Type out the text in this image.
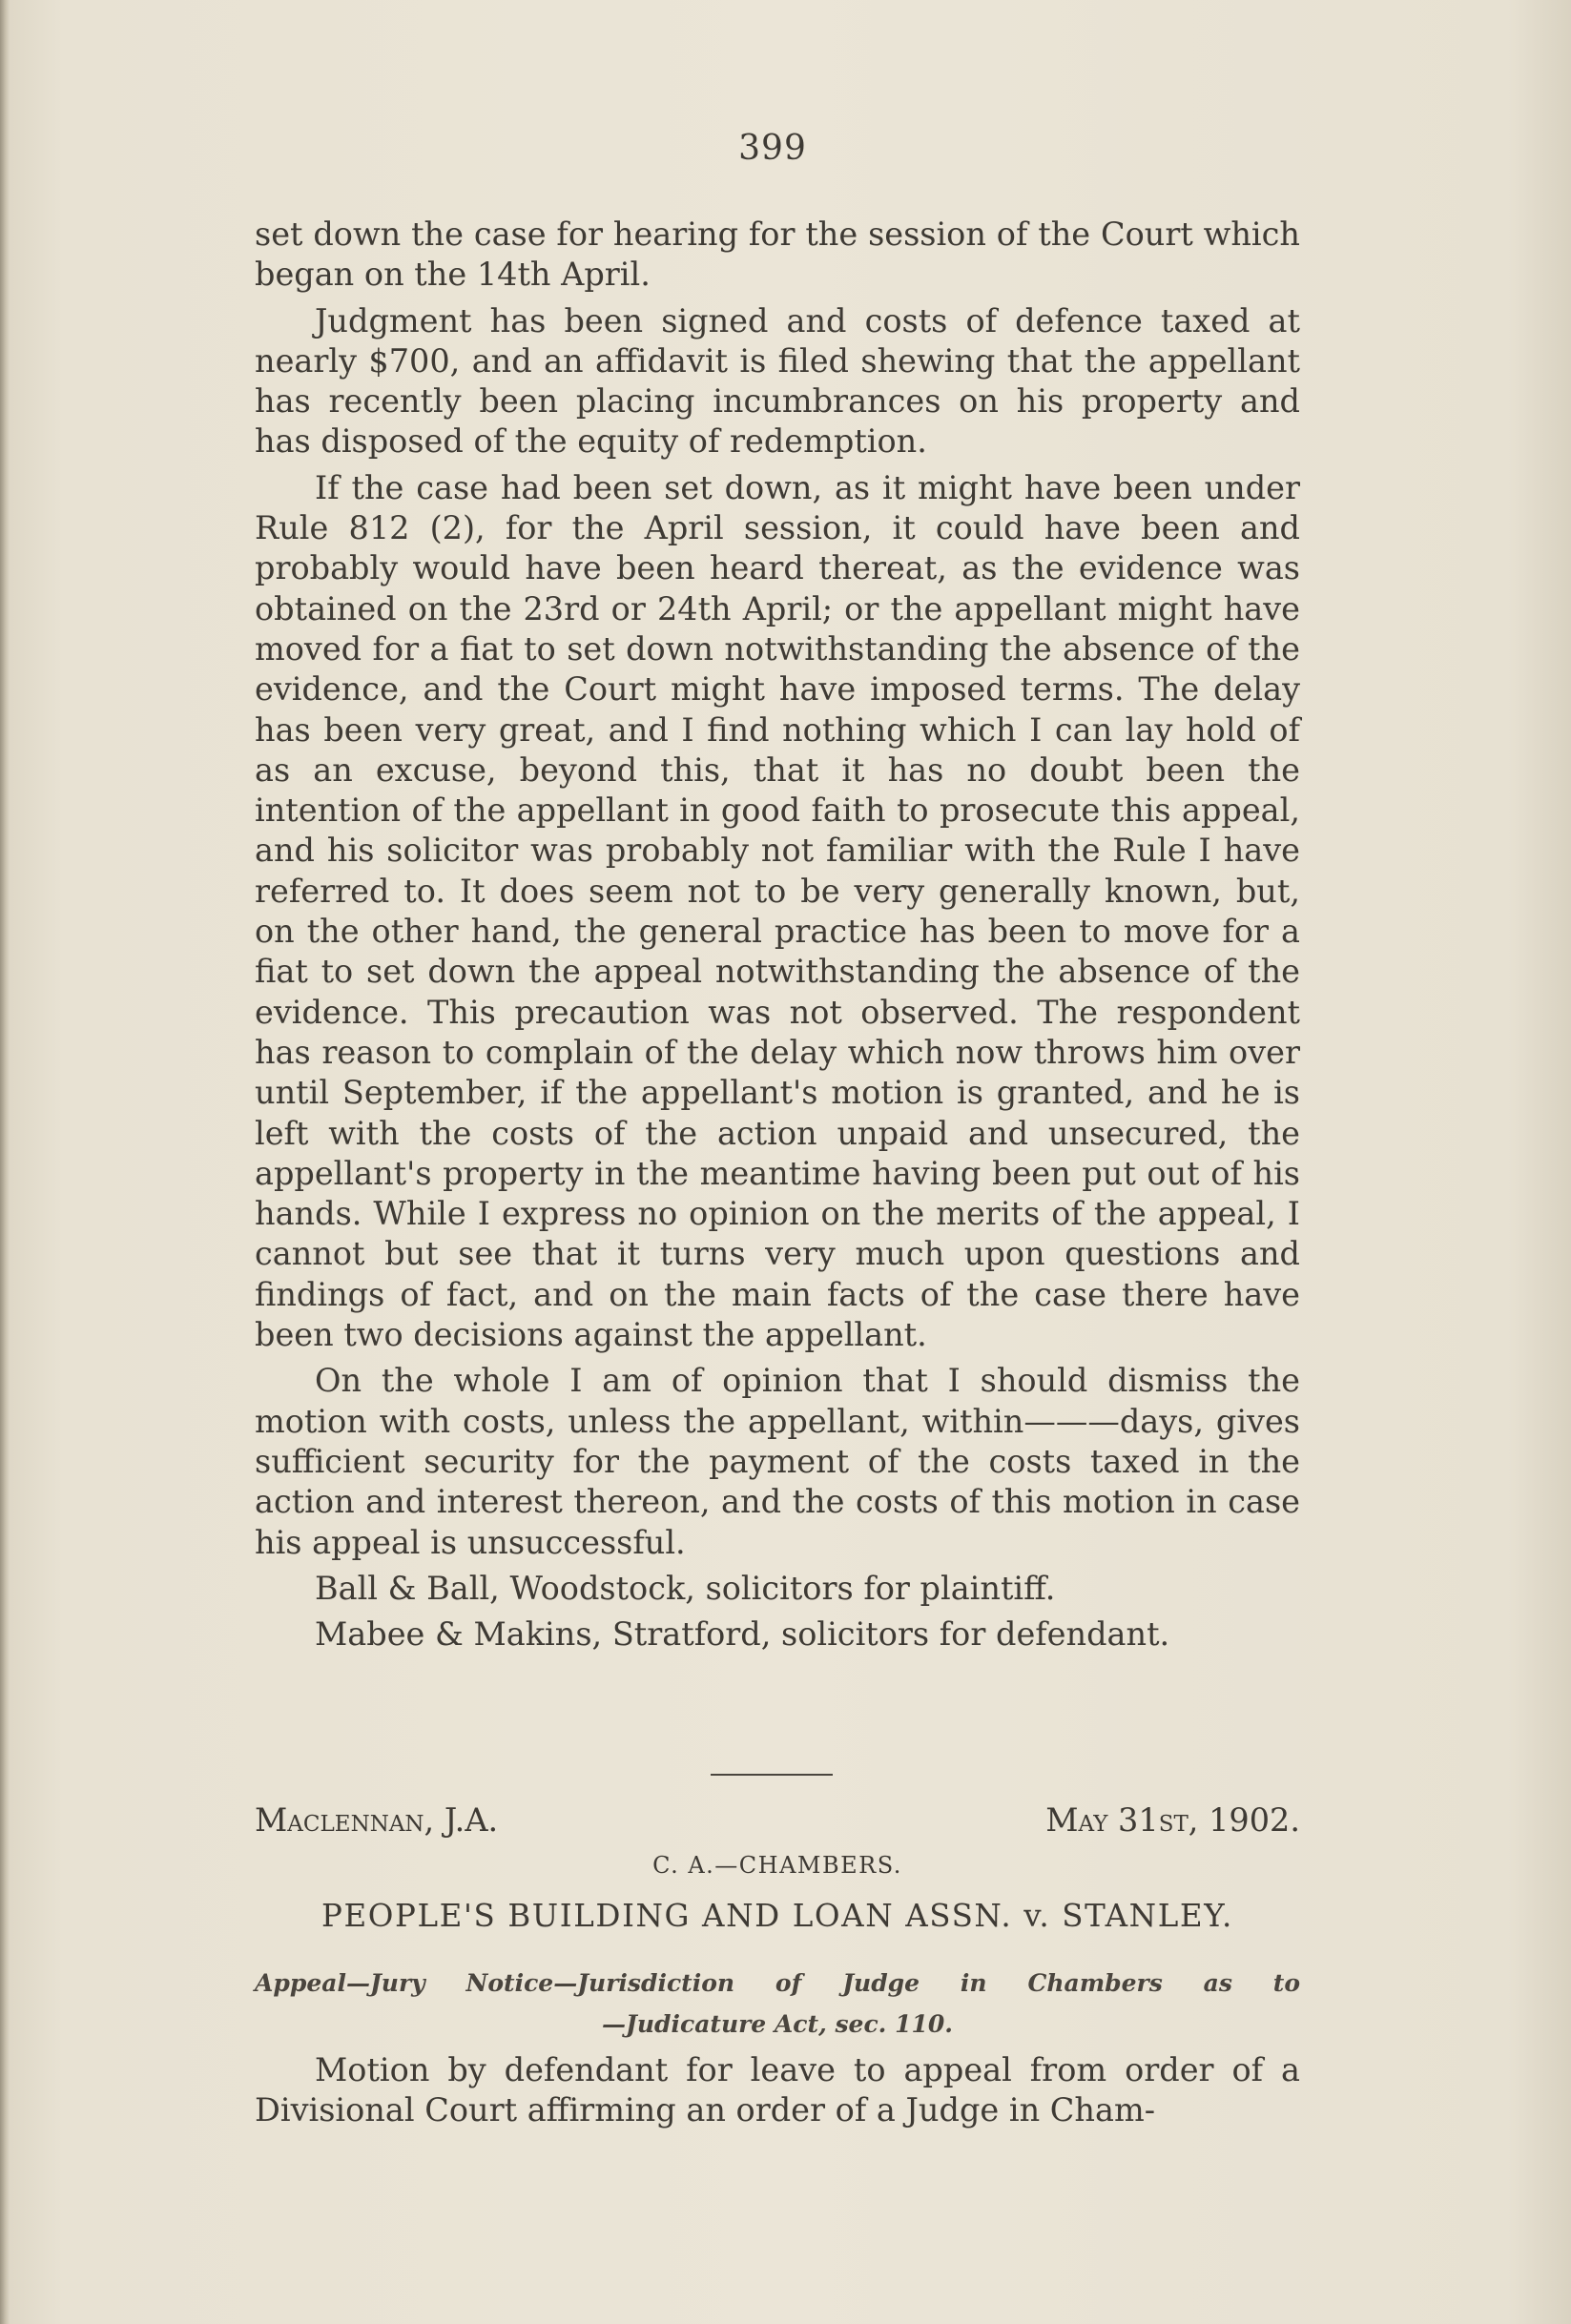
399

set down the case for hearing for the session of the Court which began on the 14th April.

Judgment has been signed and costs of defence taxed at nearly $700, and an affidavit is filed shewing that the appellant has recently been placing incumbrances on his property and has disposed of the equity of redemption.

If the case had been set down, as it might have been under Rule 812 (2), for the April session, it could have been and probably would have been heard thereat, as the evidence was obtained on the 23rd or 24th April; or the appellant might have moved for a fiat to set down notwithstanding the absence of the evidence, and the Court might have imposed terms. The delay has been very great, and I find nothing which I can lay hold of as an excuse, beyond this, that it has no doubt been the intention of the appellant in good faith to prosecute this appeal, and his solicitor was probably not familiar with the Rule I have referred to. It does seem not to be very generally known, but, on the other hand, the general practice has been to move for a fiat to set down the appeal notwithstanding the absence of the evidence. This precaution was not observed. The respondent has reason to complain of the delay which now throws him over until September, if the appellant's motion is granted, and he is left with the costs of the action unpaid and unsecured, the appellant's property in the meantime having been put out of his hands. While I express no opinion on the merits of the appeal, I cannot but see that it turns very much upon questions and findings of fact, and on the main facts of the case there have been two decisions against the appellant.

On the whole I am of opinion that I should dismiss the motion with costs, unless the appellant, within———days, gives sufficient security for the payment of the costs taxed in the action and interest thereon, and the costs of this motion in case his appeal is unsuccessful.

Ball & Ball, Woodstock, solicitors for plaintiff.

Mabee & Makins, Stratford, solicitors for defendant.

Maclennan, J.A.	May 31st, 1902.
C. A.—CHAMBERS.
PEOPLE'S BUILDING AND LOAN ASSN. v. STANLEY.
Appeal—Jury Notice—Jurisdiction of Judge in Chambers as to
—Judicature Act, sec. 110.

Motion by defendant for leave to appeal from order of a Divisional Court affirming an order of a Judge in Cham-
